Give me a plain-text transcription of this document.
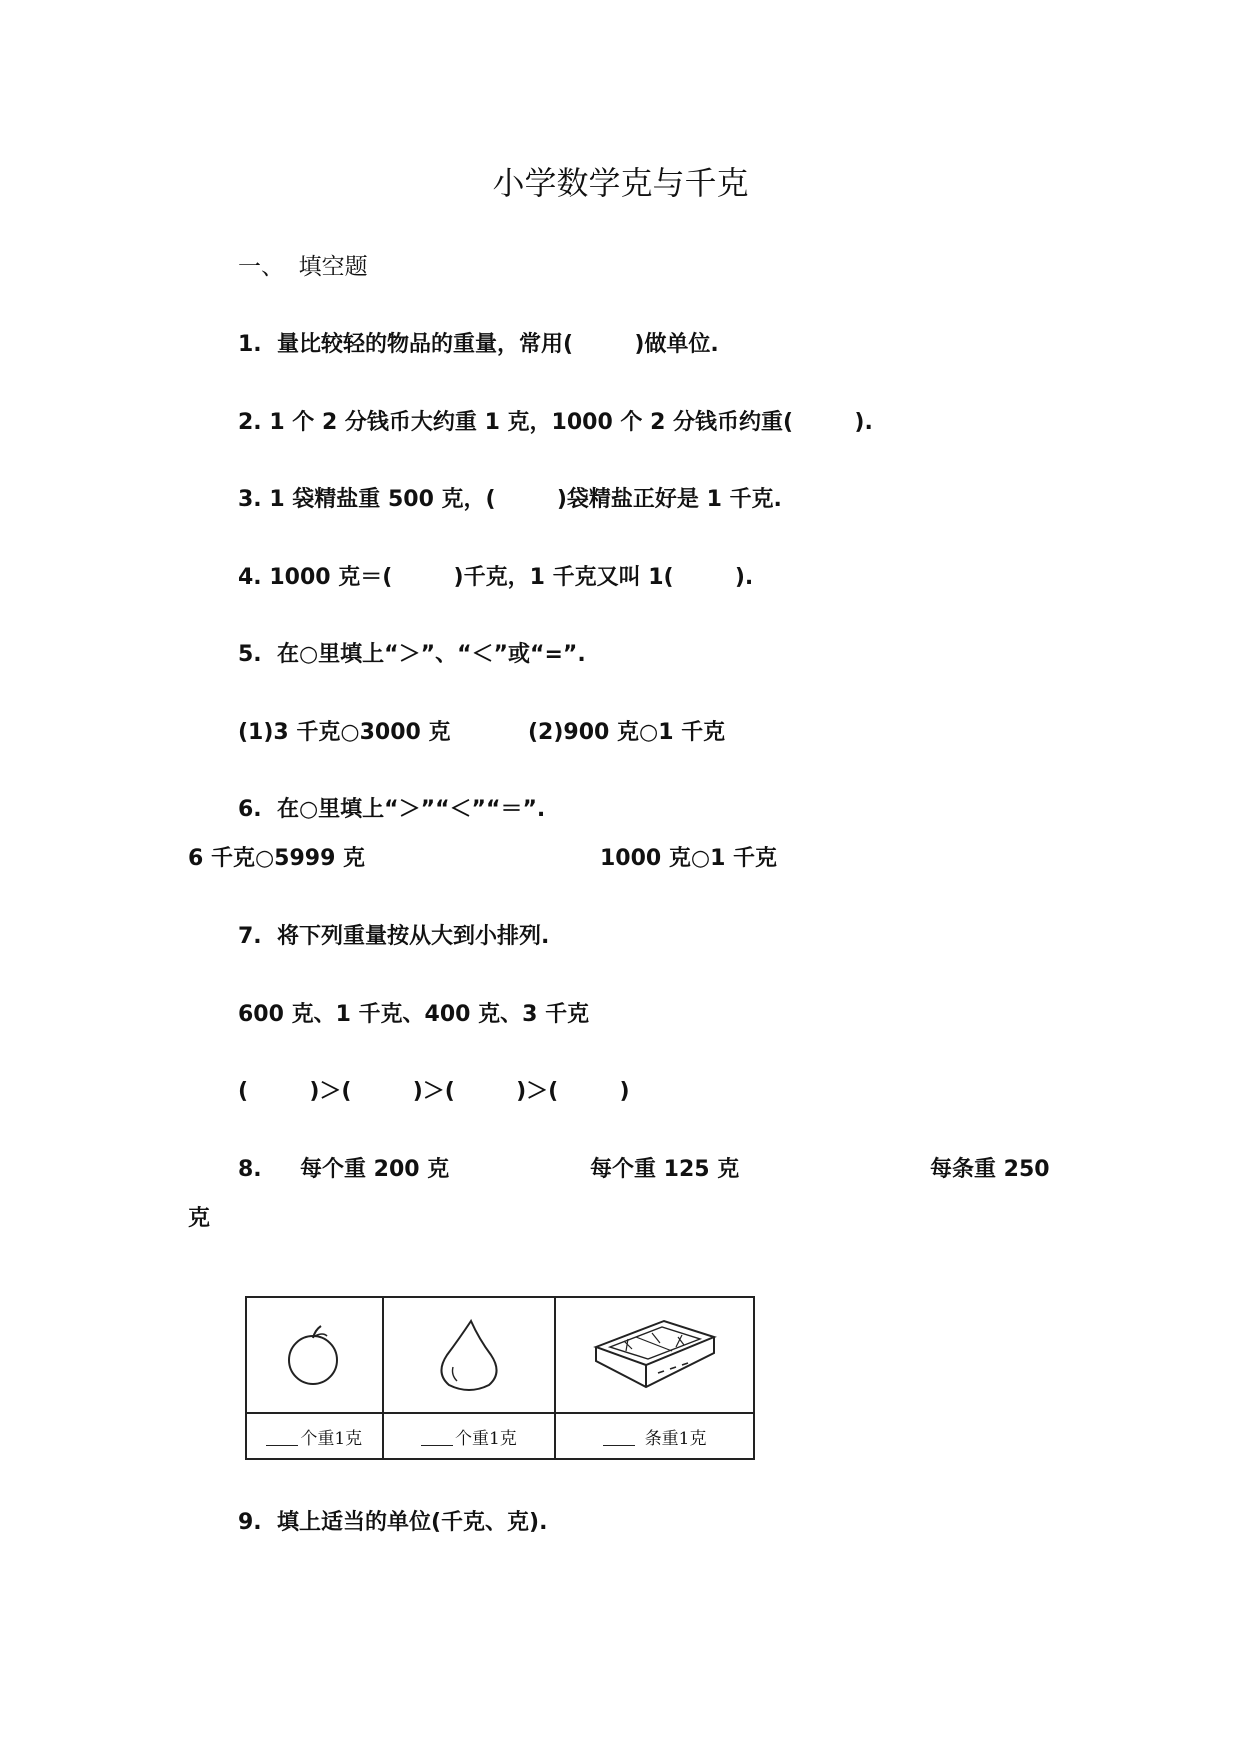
小学数学克与千克
一、  填空题
1.  量比较轻的物品的重量，常用(        )做单位.
2. 1 个 2 分钱币大约重 1 克，1000 个 2 分钱币约重(        ).
3. 1 袋精盐重 500 克，(        )袋精盐正好是 1 千克.
4. 1000 克＝(        )千克，1 千克又叫 1(        ).
5.  在○里填上“＞”、“＜”或“=”.
(1)3 千克○3000 克	(2)900 克○1 千克
6.  在○里填上“＞”“＜”“＝”.
6 千克○5999 克	1000 克○1 千克
7.  将下列重量按从大到小排列.
600 克、1 千克、400 克、3 千克
(        )＞(        )＞(        )＞(        )
8. 每个重 200 克	每个重 125 克	每条重 250
克

个重1克	个重1克	条重1克
9.  填上适当的单位(千克、克).
